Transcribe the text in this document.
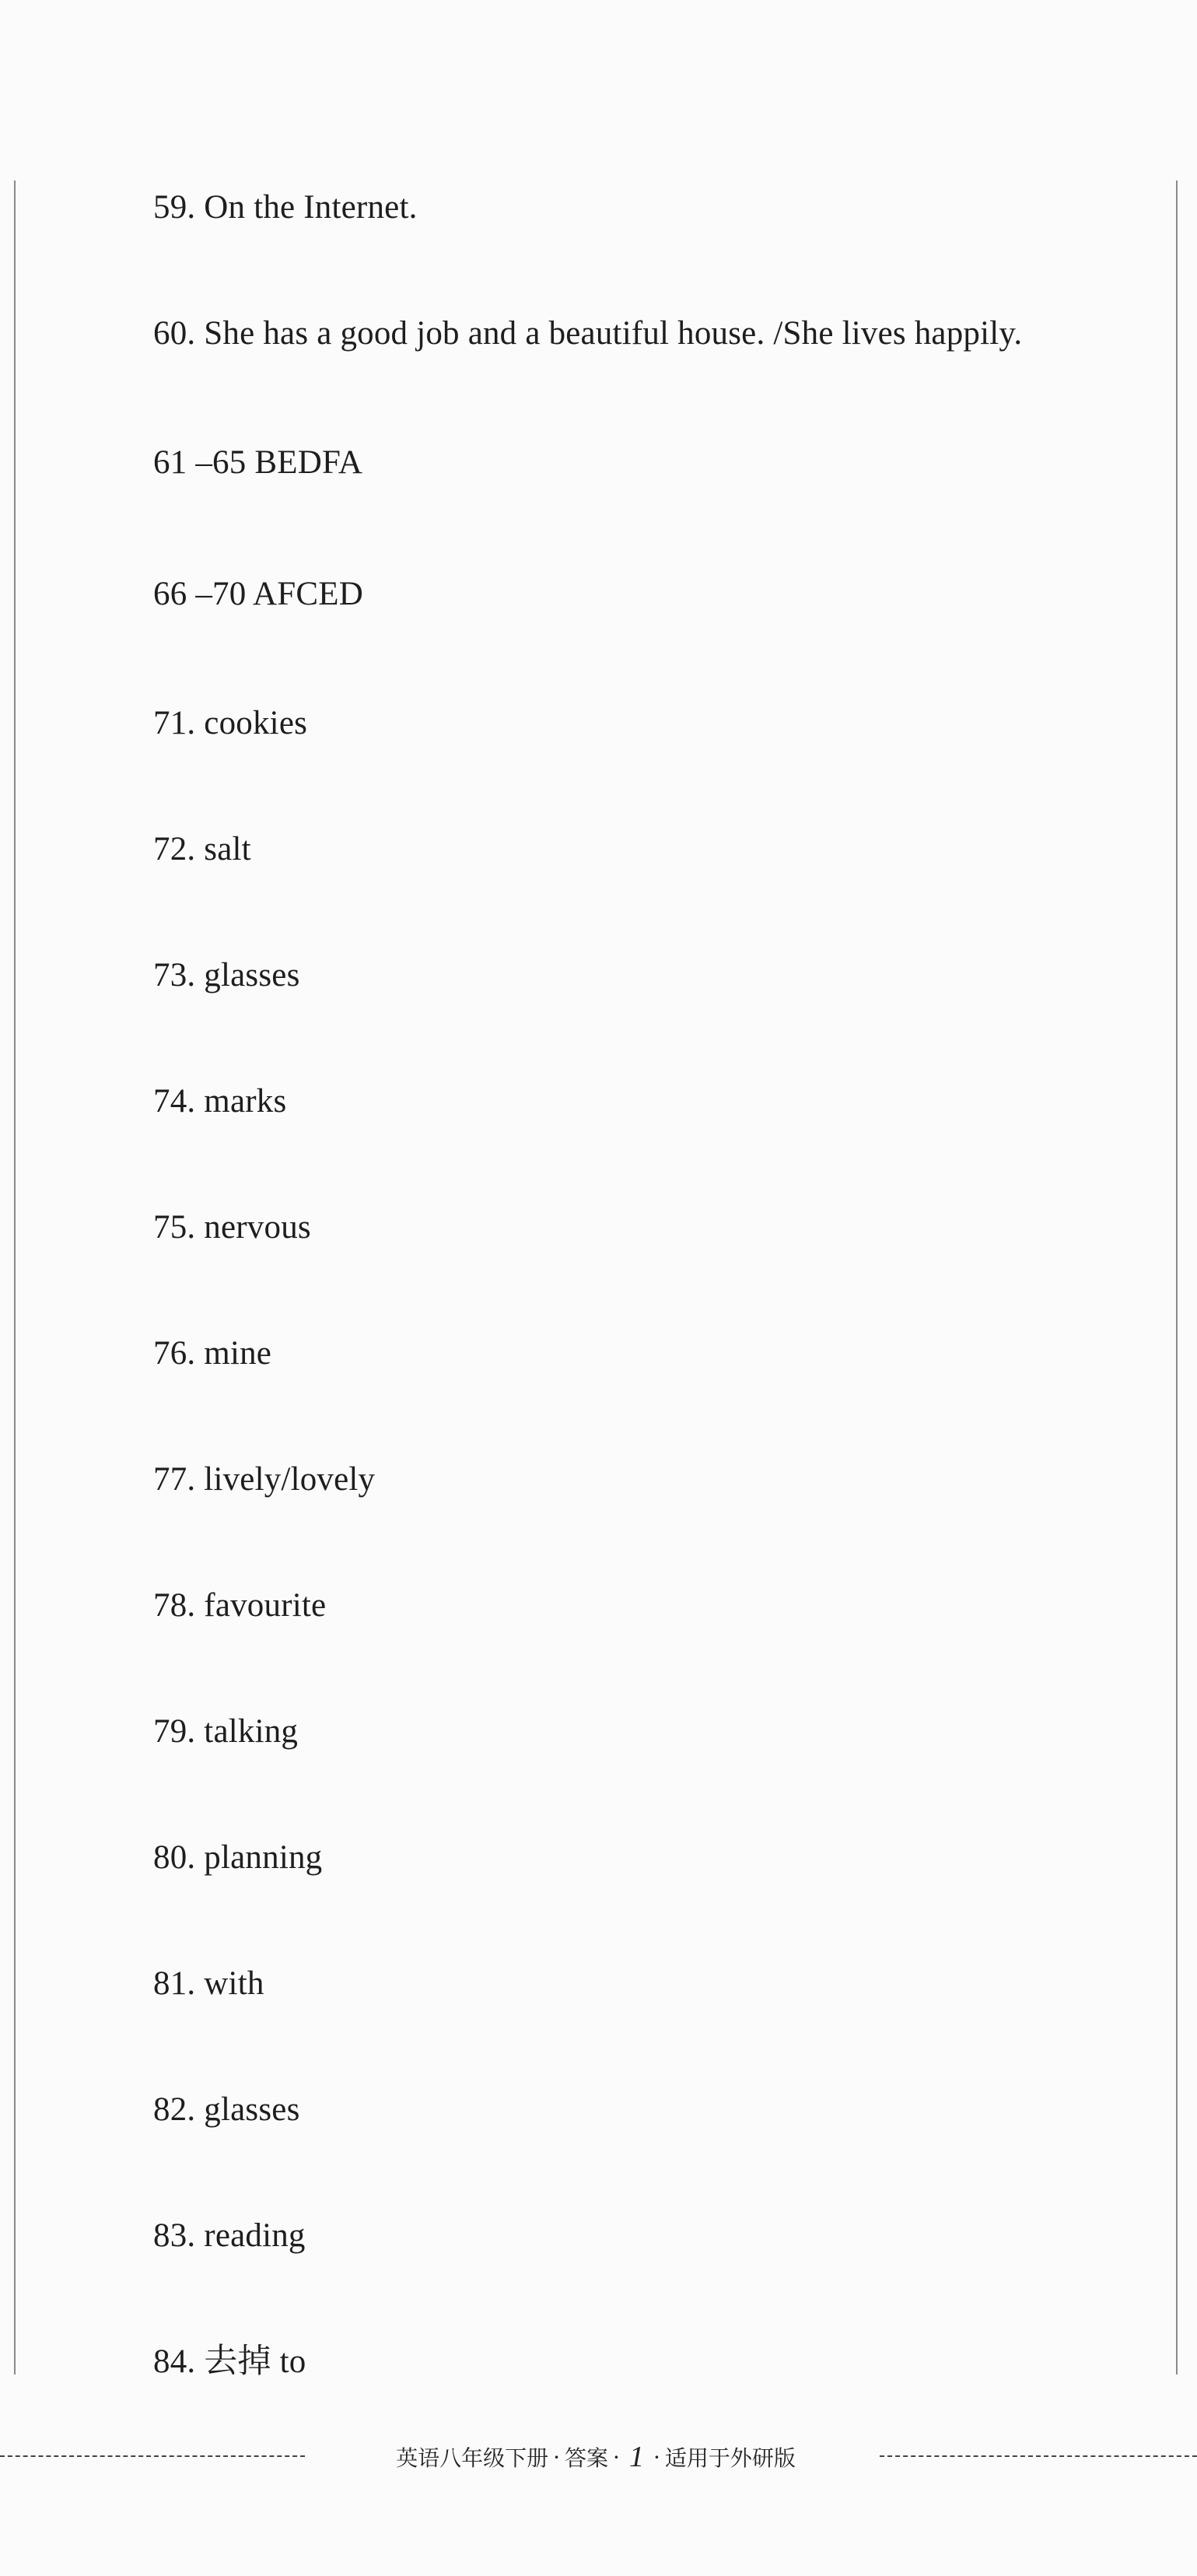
59. On the Internet.
60. She has a good job and a beautiful house. /She lives happily.
61 –65 BEDFA
66 –70 AFCED
71. cookies
72. salt
73. glasses
74. marks
75. nervous
76. mine
77. lively/lovely
78. favourite
79. talking
80. planning
81. with
82. glasses
83. reading
84. 去掉 to
英语八年级下册 · 答案 · 1 · 适用于外研版
